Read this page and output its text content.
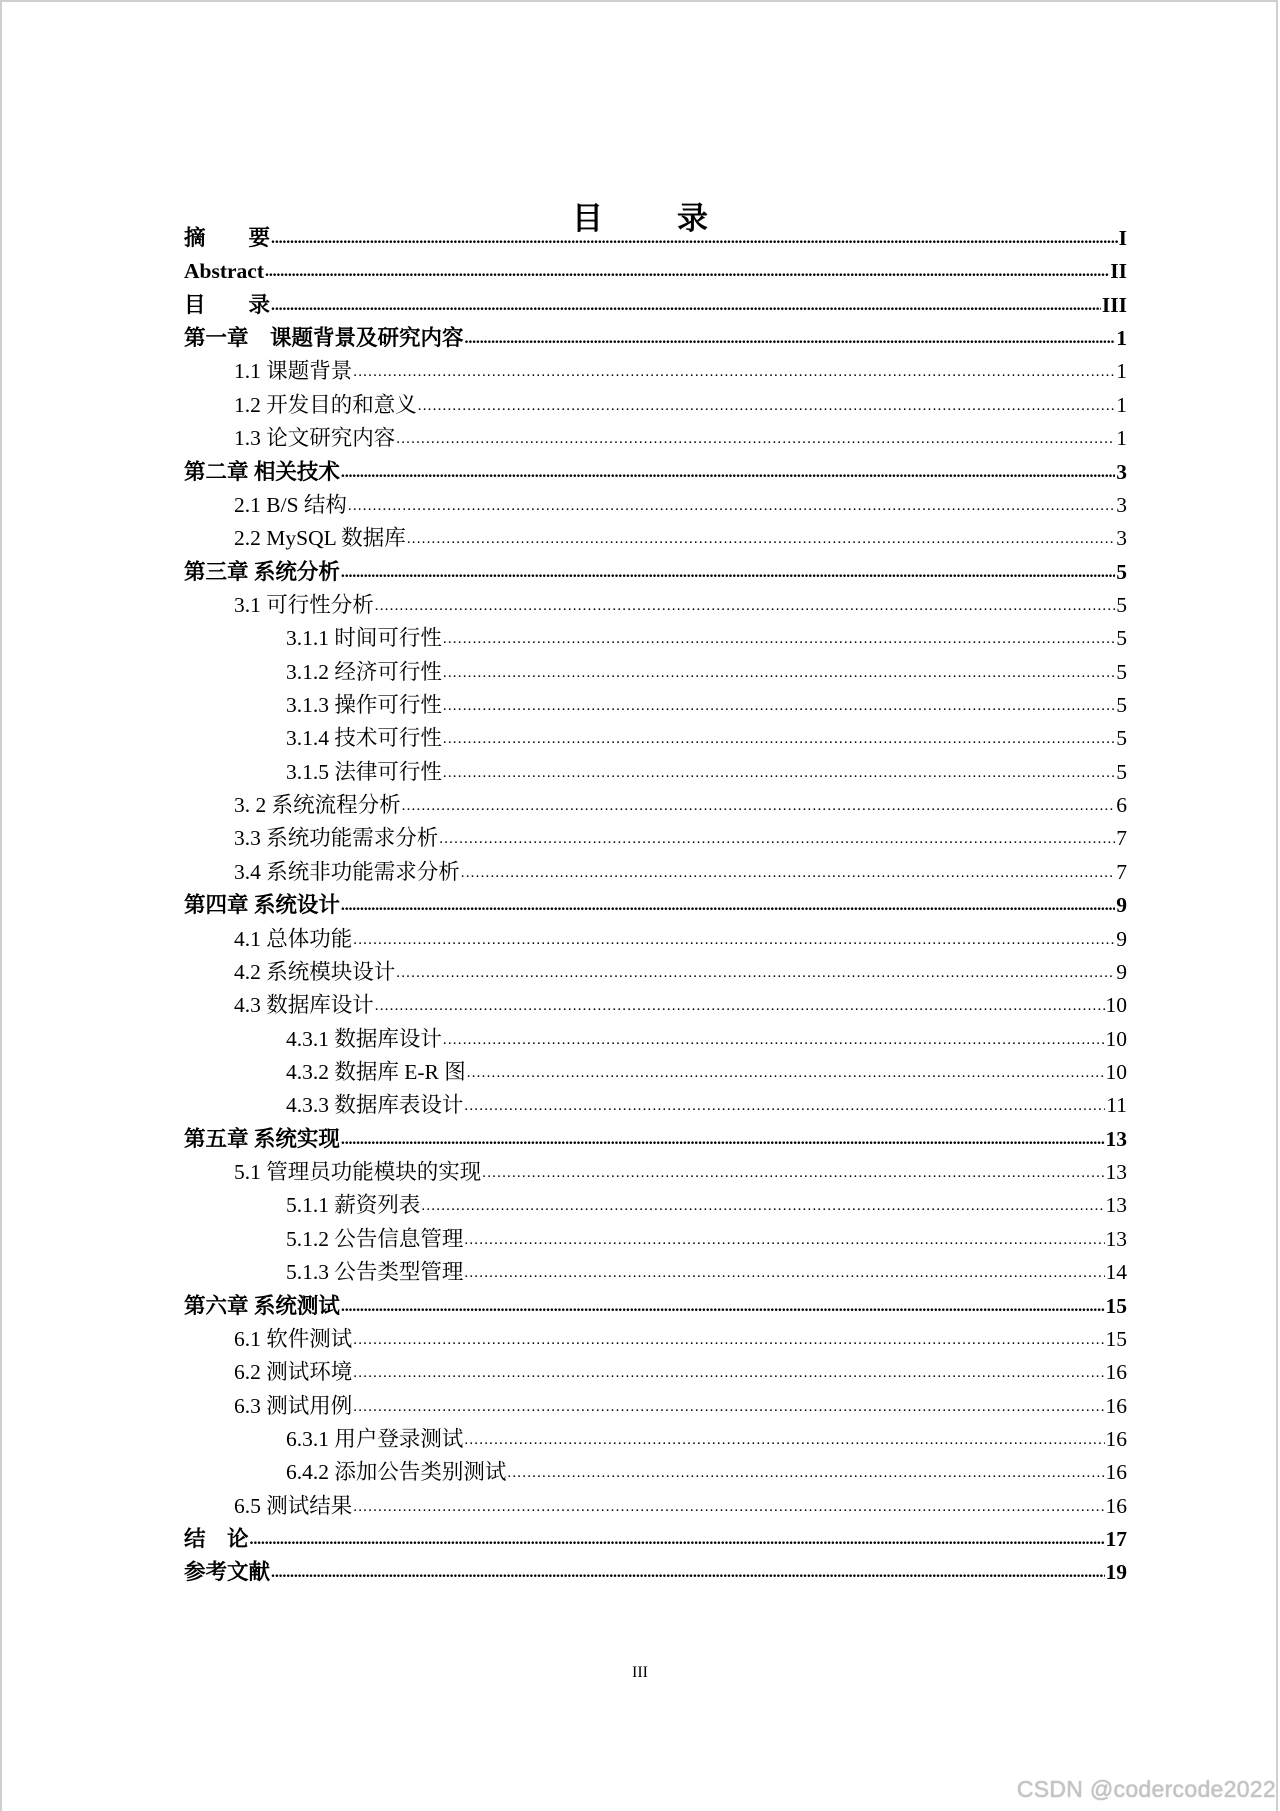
目 录
摘　　要 .....	I
Abstract .....	II
目　　录 .....	III
第一章　课题背景及研究内容 .....	1
1.1 课题背景 .....	1
1.2 开发目的和意义 .....	1
1.3 论文研究内容 .....	1
第二章 相关技术 .....	3
2.1 B/S 结构 .....	3
2.2 MySQL 数据库 .....	3
第三章 系统分析 .....	5
3.1 可行性分析 .....	5
3.1.1 时间可行性 .....	5
3.1.2 经济可行性 .....	5
3.1.3 操作可行性 .....	5
3.1.4 技术可行性 .....	5
3.1.5 法律可行性 .....	5
3. 2 系统流程分析 .....	6
3.3 系统功能需求分析 .....	7
3.4 系统非功能需求分析 .....	7
第四章 系统设计 .....	9
4.1 总体功能 .....	9
4.2 系统模块设计 .....	9
4.3 数据库设计 .....	10
4.3.1 数据库设计 .....	10
4.3.2 数据库 E-R 图 .....	10
4.3.3 数据库表设计 .....	11
第五章 系统实现 .....	13
5.1 管理员功能模块的实现 .....	13
5.1.1 薪资列表 .....	13
5.1.2 公告信息管理 .....	13
5.1.3 公告类型管理 .....	14
第六章 系统测试 .....	15
6.1 软件测试 .....	15
6.2 测试环境 .....	16
6.3 测试用例 .....	16
6.3.1 用户登录测试 .....	16
6.4.2 添加公告类别测试 .....	16
6.5 测试结果 .....	16
结　论 .....	17
参考文献 .....	19
III
CSDN @codercode2022
